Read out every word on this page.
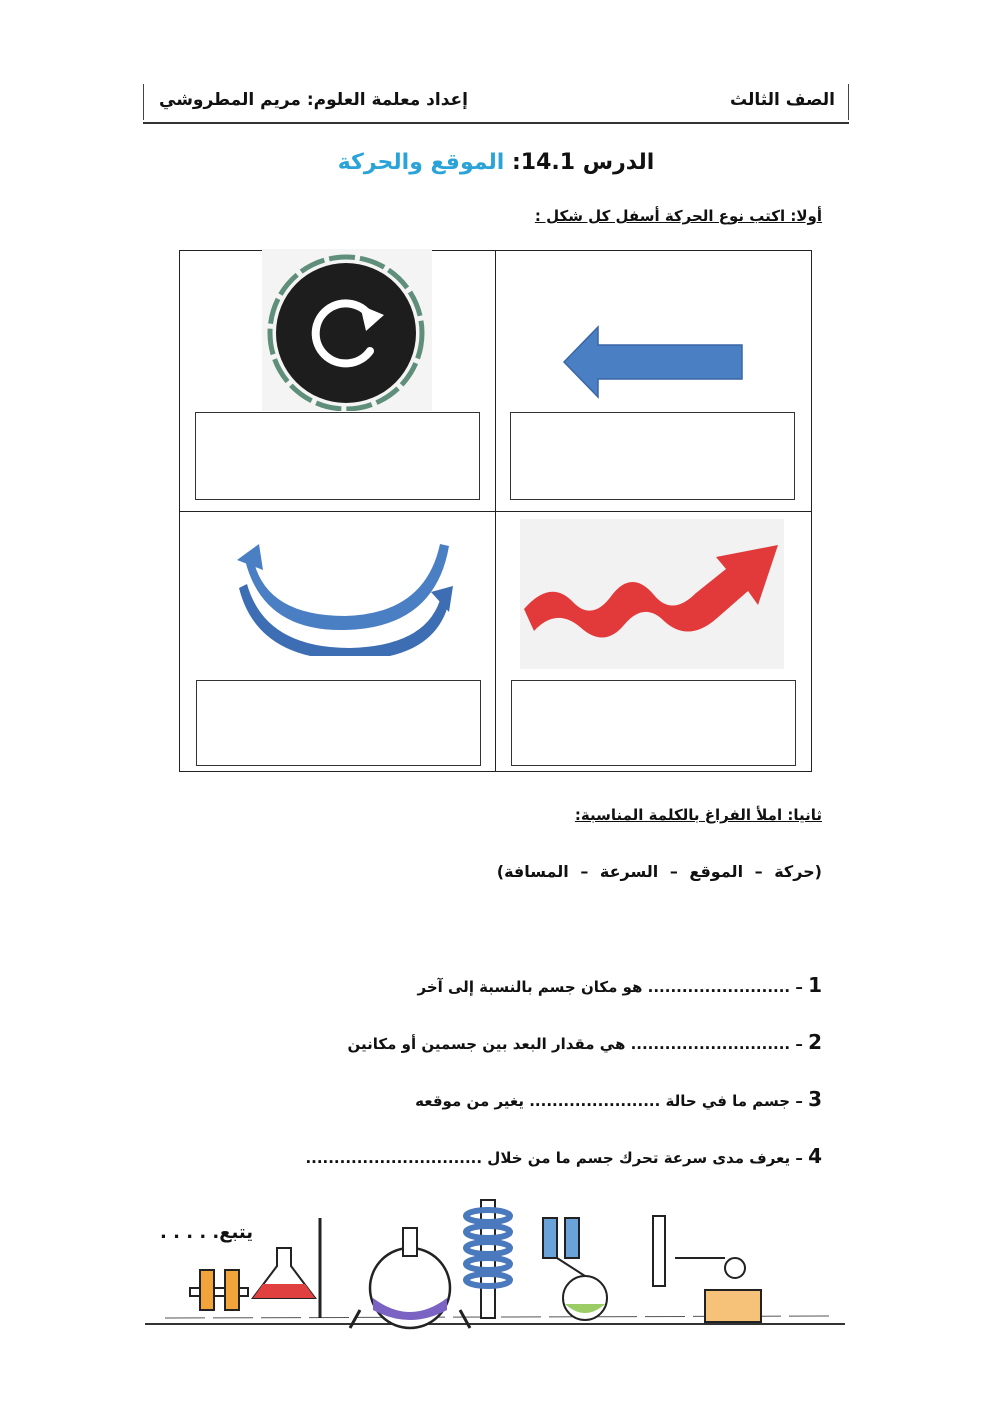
الصف الثالث
إعداد معلمة العلوم: مريم المطروشي
الدرس 14.1: الموقع والحركة
أولا: اكتب نوع الحركة أسفل كل شكل :
ثانيا: املأ الفراغ بالكلمة المناسبة:
(حركة – الموقع – السرعة – المسافة)
1 – ......................... هو مكان جسم بالنسبة إلى آخر
2 – ............................ هي مقدار البعد بين جسمين أو مكانين
3 – جسم ما في حالة ....................... يغير من موقعه
4 – يعرف مدى سرعة تحرك جسم ما من خلال ...............................
يتبع. . . . .
